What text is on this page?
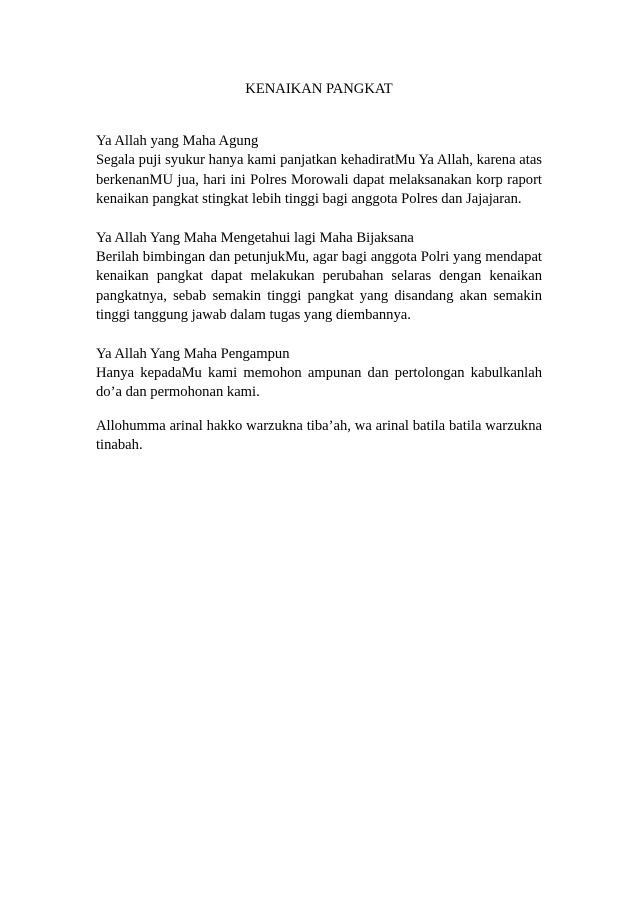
KENAIKAN PANGKAT

Ya Allah yang Maha Agung

Segala puji syukur hanya kami panjatkan kehadiratMu Ya Allah, karena atas berkenanMU jua, hari ini Polres Morowali dapat melaksanakan korp raport kenaikan pangkat stingkat lebih tinggi bagi anggota Polres dan Jajajaran.

Ya Allah Yang Maha Mengetahui lagi Maha Bijaksana

Berilah bimbingan dan petunjukMu, agar bagi anggota Polri yang mendapat kenaikan pangkat dapat melakukan perubahan selaras dengan kenaikan pangkatnya, sebab semakin tinggi pangkat yang disandang akan semakin tinggi tanggung jawab dalam tugas yang diembannya.

Ya Allah Yang Maha Pengampun

Hanya kepadaMu kami memohon ampunan dan pertolongan kabulkanlah do’a dan permohonan kami.

Allohumma arinal hakko warzukna tiba’ah, wa arinal batila batila warzukna tinabah.
